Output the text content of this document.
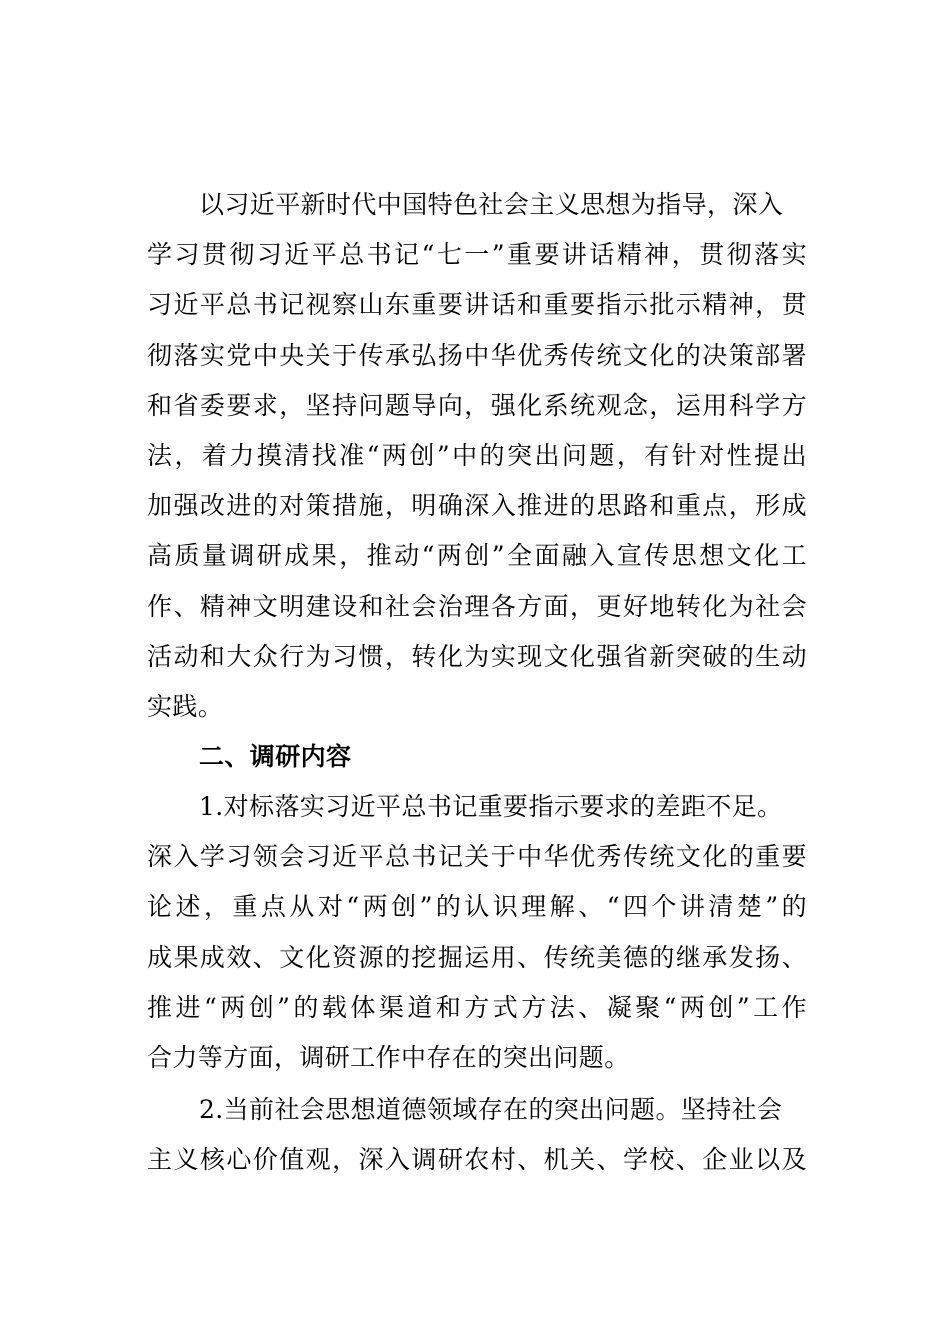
以习近平新时代中国特色社会主义思想为指导，深入
学习贯彻习近平总书记“七一”重要讲话精神，贯彻落实
习近平总书记视察山东重要讲话和重要指示批示精神，贯
彻落实党中央关于传承弘扬中华优秀传统文化的决策部署
和省委要求，坚持问题导向，强化系统观念，运用科学方
法，着力摸清找准“两创”中的突出问题，有针对性提出
加强改进的对策措施，明确深入推进的思路和重点，形成
高质量调研成果，推动“两创”全面融入宣传思想文化工
作、精神文明建设和社会治理各方面，更好地转化为社会
活动和大众行为习惯，转化为实现文化强省新突破的生动
实践。
二、调研内容
1.对标落实习近平总书记重要指示要求的差距不足。
深入学习领会习近平总书记关于中华优秀传统文化的重要
论述，重点从对“两创”的认识理解、“四个讲清楚”的
成果成效、文化资源的挖掘运用、传统美德的继承发扬、
推进“两创”的载体渠道和方式方法、凝聚“两创”工作
合力等方面，调研工作中存在的突出问题。
2.当前社会思想道德领域存在的突出问题。坚持社会
主义核心价值观，深入调研农村、机关、学校、企业以及
